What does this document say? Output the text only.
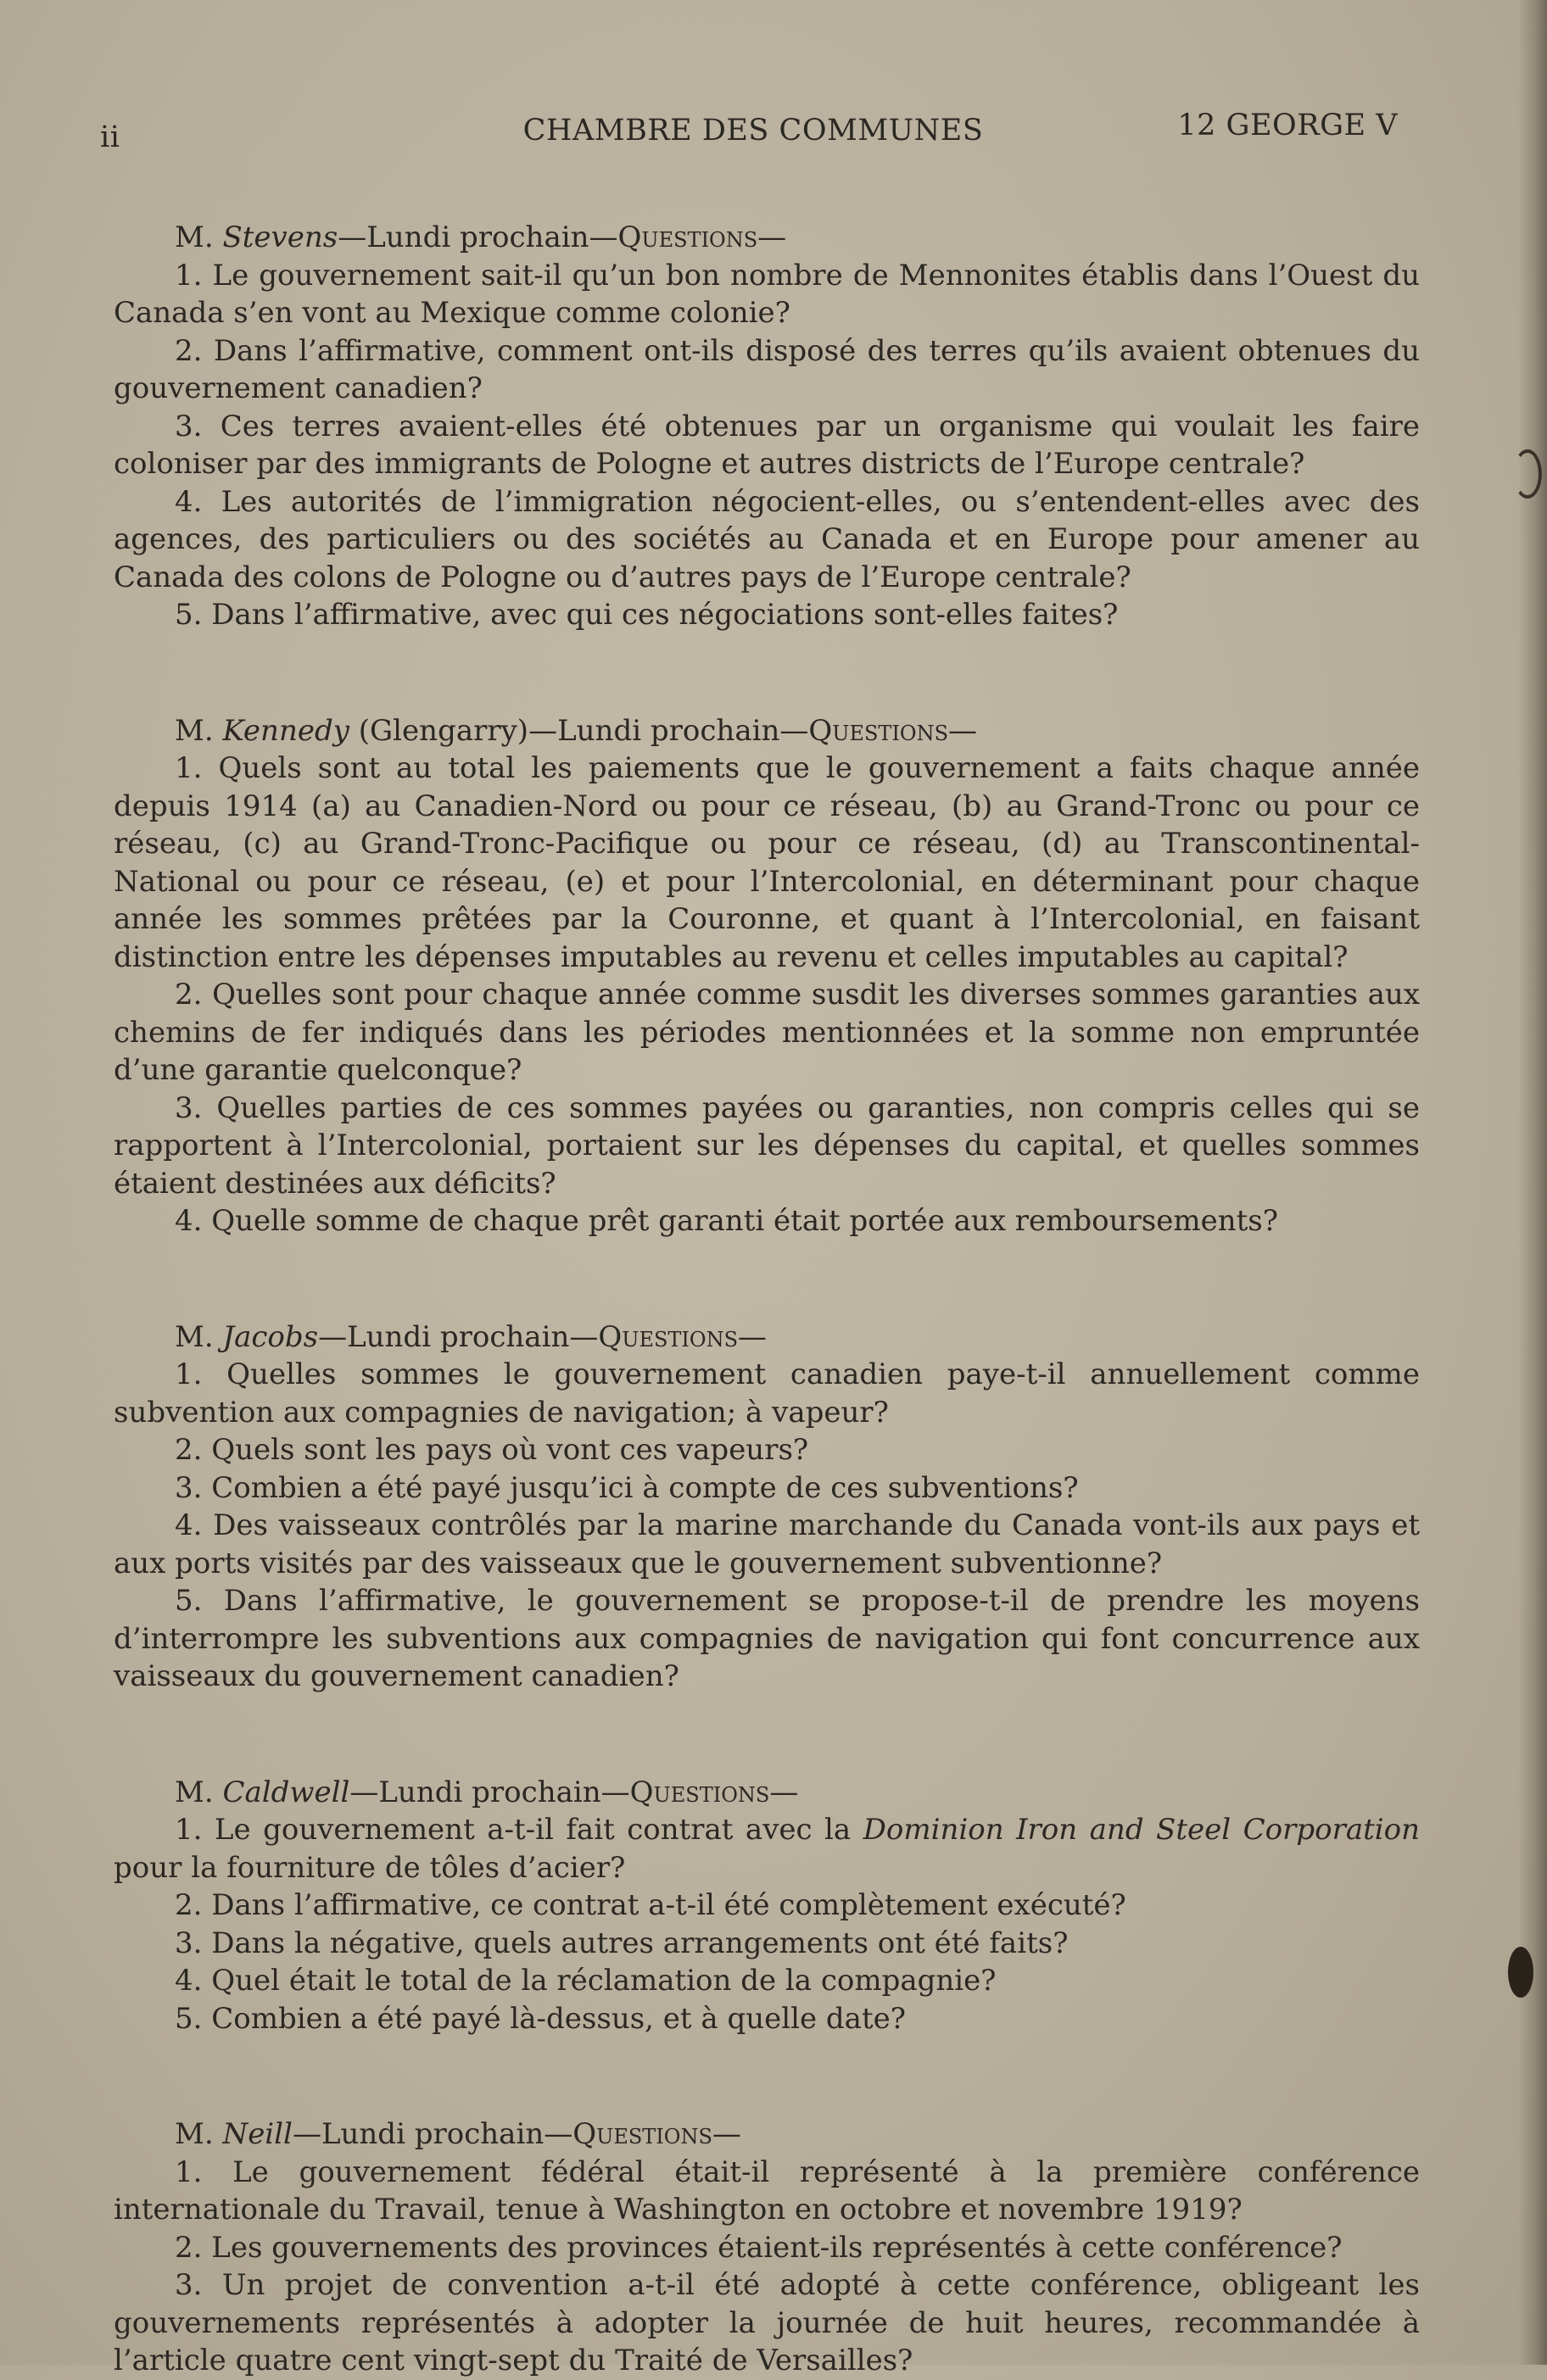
ii	CHAMBRE DES COMMUNES	12 GEORGE V

M. Stevens—Lundi prochain—Questions—

1. Le gouvernement sait-il qu’un bon nombre de Mennonites établis dans l’Ouest du Canada s’en vont au Mexique comme colonie?

2. Dans l’affirmative, comment ont-ils disposé des terres qu’ils avaient obtenues du gouvernement canadien?

3. Ces terres avaient-elles été obtenues par un organisme qui voulait les faire coloniser par des immigrants de Pologne et autres districts de l’Europe centrale?

4. Les autorités de l’immigration négocient-elles, ou s’entendent-elles avec des agences, des particuliers ou des sociétés au Canada et en Europe pour amener au Canada des colons de Pologne ou d’autres pays de l’Europe centrale?

5. Dans l’affirmative, avec qui ces négociations sont-elles faites?

M. Kennedy (Glengarry)—Lundi prochain—Questions—

1. Quels sont au total les paiements que le gouvernement a faits chaque année depuis 1914 (a) au Canadien-Nord ou pour ce réseau, (b) au Grand-Tronc ou pour ce réseau, (c) au Grand-Tronc-Pacifique ou pour ce réseau, (d) au Transcontinental-National ou pour ce réseau, (e) et pour l’Intercolonial, en déterminant pour chaque année les sommes prêtées par la Couronne, et quant à l’Intercolonial, en faisant distinction entre les dépenses imputables au revenu et celles imputables au capital?

2. Quelles sont pour chaque année comme susdit les diverses sommes garanties aux chemins de fer indiqués dans les périodes mentionnées et la somme non empruntée d’une garantie quelconque?

3. Quelles parties de ces sommes payées ou garanties, non compris celles qui se rapportent à l’Intercolonial, portaient sur les dépenses du capital, et quelles sommes étaient destinées aux déficits?

4. Quelle somme de chaque prêt garanti était portée aux remboursements?

M. Jacobs—Lundi prochain—Questions—

1. Quelles sommes le gouvernement canadien paye-t-il annuellement comme subvention aux compagnies de navigation; à vapeur?

2. Quels sont les pays où vont ces vapeurs?

3. Combien a été payé jusqu’ici à compte de ces subventions?

4. Des vaisseaux contrôlés par la marine marchande du Canada vont-ils aux pays et aux ports visités par des vaisseaux que le gouvernement subventionne?

5. Dans l’affirmative, le gouvernement se propose-t-il de prendre les moyens d’interrompre les subventions aux compagnies de navigation qui font concurrence aux vaisseaux du gouvernement canadien?

M. Caldwell—Lundi prochain—Questions—

1. Le gouvernement a-t-il fait contrat avec la Dominion Iron and Steel Corporation pour la fourniture de tôles d’acier?

2. Dans l’affirmative, ce contrat a-t-il été complètement exécuté?

3. Dans la négative, quels autres arrangements ont été faits?

4. Quel était le total de la réclamation de la compagnie?

5. Combien a été payé là-dessus, et à quelle date?

M. Neill—Lundi prochain—Questions—

1. Le gouvernement fédéral était-il représenté à la première conférence internationale du Travail, tenue à Washington en octobre et novembre 1919?

2. Les gouvernements des provinces étaient-ils représentés à cette conférence?

3. Un projet de convention a-t-il été adopté à cette conférence, obligeant les gouvernements représentés à adopter la journée de huit heures, recommandée à l’article quatre cent vingt-sept du Traité de Versailles?
